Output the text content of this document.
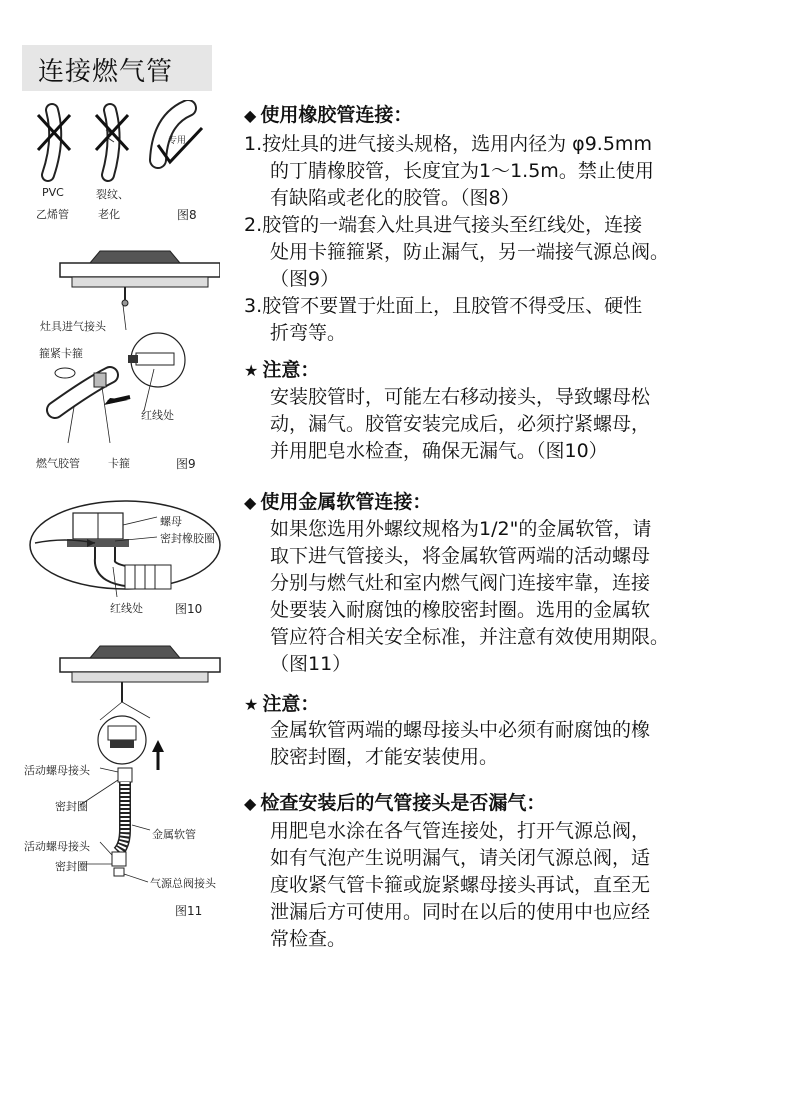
连接燃气管
专用
PVC
乙烯管
裂纹、
老化	图8
灶具进气接头
箍紧卡箍
红线处
燃气胶管	卡箍	图9
螺母
密封橡胶圈
红线处	图10
活动螺母接头
密封圈
金属软管
活动螺母接头
密封圈
气源总阀接头
图11
◆ 使用橡胶管连接：
1.按灶具的进气接头规格，选用内径为 φ9.5mm
的丁腈橡胶管，长度宜为1～1.5m。禁止使用
有缺陷或老化的胶管。（图8）
2.胶管的一端套入灶具进气接头至红线处，连接
处用卡箍箍紧，防止漏气，另一端接气源总阀。
（图9）
3.胶管不要置于灶面上，且胶管不得受压、硬性
折弯等。
★ 注意：
安装胶管时，可能左右移动接头，导致螺母松
动，漏气。胶管安装完成后，必须拧紧螺母，
并用肥皂水检查，确保无漏气。（图10）
◆ 使用金属软管连接：
如果您选用外螺纹规格为1/2"的金属软管，请
取下进气管接头，将金属软管两端的活动螺母
分别与燃气灶和室内燃气阀门连接牢靠，连接
处要装入耐腐蚀的橡胶密封圈。选用的金属软
管应符合相关安全标准，并注意有效使用期限。
（图11）
★ 注意：
金属软管两端的螺母接头中必须有耐腐蚀的橡
胶密封圈，才能安装使用。
◆ 检查安装后的气管接头是否漏气：
用肥皂水涂在各气管连接处，打开气源总阀，
如有气泡产生说明漏气，请关闭气源总阀，适
度收紧气管卡箍或旋紧螺母接头再试，直至无
泄漏后方可使用。同时在以后的使用中也应经
常检查。
